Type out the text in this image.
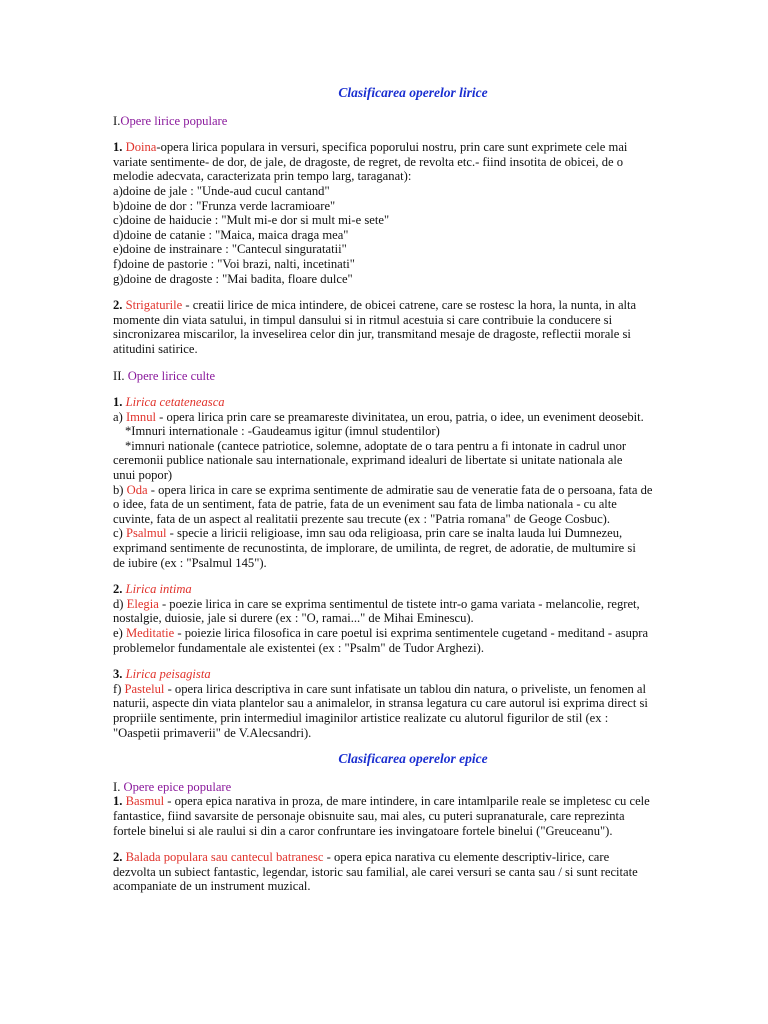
Clasificarea operelor lirice
I.Opere lirice populare
1. Doina-opera lirica populara in versuri, specifica poporului nostru, prin care sunt exprimete cele mai
variate sentimente- de dor, de jale, de dragoste, de regret, de revolta etc.- fiind insotita de obicei, de o
melodie adecvata, caracterizata prin tempo larg, taraganat):
a)doine de jale : "Unde-aud cucul cantand"
b)doine de dor : "Frunza verde lacramioare"
c)doine de haiducie : "Mult mi-e dor si mult mi-e sete"
d)doine de catanie : "Maica, maica draga mea"
e)doine de instrainare : "Cantecul singuratatii"
f)doine de pastorie : "Voi brazi, nalti, incetinati"
g)doine de dragoste : "Mai badita, floare dulce"
2. Strigaturile - creatii lirice de mica intindere, de obicei catrene, care se rostesc la hora, la nunta, in alta
momente din viata satului, in timpul dansului si in ritmul acestuia si care contribuie la conducere si
sincronizarea miscarilor, la inveselirea celor din jur, transmitand mesaje de dragoste, reflectii morale si
atitudini satirice.
II. Opere lirice culte
1. Lirica cetateneasca
a) Imnul - opera lirica prin care se preamareste divinitatea, un erou, patria, o idee, un eveniment deosebit.
*Imnuri internationale : -Gaudeamus igitur (imnul studentilor)
*imnuri nationale (cantece patriotice, solemne, adoptate de o tara pentru a fi intonate in cadrul unor
ceremonii publice nationale sau internationale, exprimand idealuri de libertate si unitate nationala ale
unui popor)
b) Oda - opera lirica in care se exprima sentimente de admiratie sau de veneratie fata de o persoana, fata de
o idee, fata de un sentiment, fata de patrie, fata de un eveniment sau fata de limba nationala - cu alte
cuvinte, fata de un aspect al realitatii prezente sau trecute (ex : "Patria romana" de Geoge Cosbuc).
c) Psalmul - specie a liricii religioase, imn sau oda religioasa, prin care se inalta lauda lui Dumnezeu,
exprimand sentimente de recunostinta, de implorare, de umilinta, de regret, de adoratie, de multumire si
de iubire (ex : "Psalmul 145").
2. Lirica intima
d) Elegia - poezie lirica in care se exprima sentimentul de tistete intr-o gama variata - melancolie, regret,
nostalgie, duiosie, jale si durere (ex : "O, ramai..." de Mihai Eminescu).
e) Meditatie - poiezie lirica filosofica in care poetul isi exprima sentimentele cugetand - meditand - asupra
problemelor fundamentale ale existentei (ex : "Psalm" de Tudor Arghezi).
3. Lirica peisagista
f) Pastelul - opera lirica descriptiva in care sunt infatisate un tablou din natura, o priveliste, un fenomen al
naturii, aspecte din viata plantelor sau a animalelor, in stransa legatura cu care autorul isi exprima direct si
propriile sentimente, prin intermediul imaginilor artistice realizate cu alutorul figurilor de stil (ex :
"Oaspetii primaverii" de V.Alecsandri).
Clasificarea operelor epice
I. Opere epice populare
1. Basmul - opera epica narativa in proza, de mare intindere, in care intamlparile reale se impletesc cu cele
fantastice, fiind savarsite de personaje obisnuite sau, mai ales, cu puteri supranaturale, care reprezinta
fortele binelui si ale raului si din a caror confruntare ies invingatoare fortele binelui ("Greuceanu").
2. Balada populara sau cantecul batranesc - opera epica narativa cu elemente descriptiv-lirice, care
dezvolta un subiect fantastic, legendar, istoric sau familial, ale carei versuri se canta sau / si sunt recitate
acompaniate de un instrument muzical.
